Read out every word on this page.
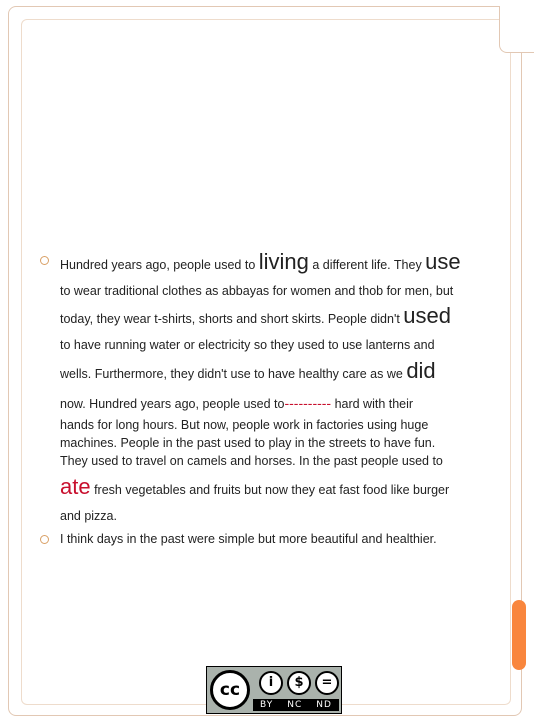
Hundred years ago, people used to living a different life. They use
to wear traditional clothes as abbayas for women and thob for men, but
today, they wear t-shirts, shorts and short skirts. People didn't used
to have running water or electricity so they used to use lanterns and
wells. Furthermore, they didn't use to have healthy care as we did
now. Hundred years ago, people used to---------- hard with their
hands for long hours. But now, people work in factories using huge
machines. People in the past used to play in the streets to have fun.
They used to travel on camels and horses. In the past people used to
ate fresh vegetables and fruits but now they eat fast food like burger
and pizza.
I think days in the past were simple but more beautiful and healthier.
cc	i	$	=
BY NC ND
